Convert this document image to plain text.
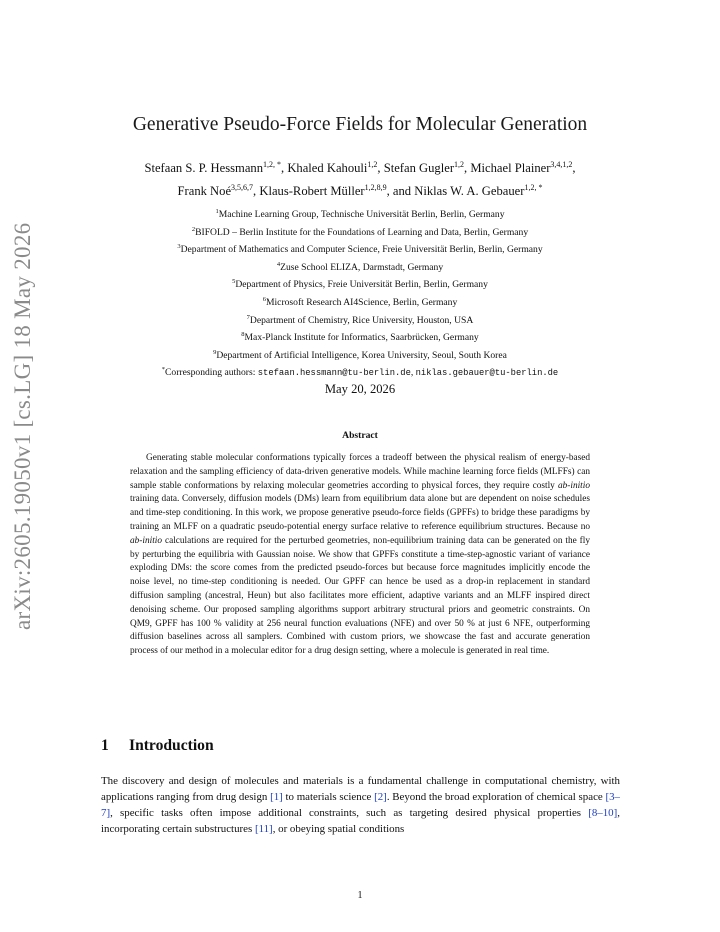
arXiv:2605.19050v1 [cs.LG] 18 May 2026
Generative Pseudo-Force Fields for Molecular Generation
Stefaan S. P. Hessmann$^{1,2, *}$, Khaled Kahouli$^{1,2}$, Stefan Gugler$^{1,2}$, Michael Plainer$^{3,4,1,2}$,
Frank Noé$^{3,5,6,7}$, Klaus-Robert Müller$^{1,2,8,9}$, and Niklas W. A. Gebauer$^{1,2, *}$
$^1$Machine Learning Group, Technische Universität Berlin, Berlin, Germany
$^2$BIFOLD – Berlin Institute for the Foundations of Learning and Data, Berlin, Germany
$^3$Department of Mathematics and Computer Science, Freie Universität Berlin, Berlin, Germany
$^4$Zuse School ELIZA, Darmstadt, Germany
$^5$Department of Physics, Freie Universität Berlin, Berlin, Germany
$^6$Microsoft Research AI4Science, Berlin, Germany
$^7$Department of Chemistry, Rice University, Houston, USA
$^8$Max-Planck Institute for Informatics, Saarbrücken, Germany
$^9$Department of Artificial Intelligence, Korea University, Seoul, South Korea
*Corresponding authors: stefaan.hessmann@tu-berlin.de, niklas.gebauer@tu-berlin.de
May 20, 2026
Abstract

Generating stable molecular conformations typically forces a tradeoff between the physical realism of energy-based relaxation and the sampling efficiency of data-driven generative models. While machine learning force fields (MLFFs) can sample stable conformations by relaxing molecular geometries according to physical forces, they require costly ab-initio training data. Conversely, diffusion models (DMs) learn from equilibrium data alone but are dependent on noise schedules and time-step conditioning. In this work, we propose generative pseudo-force fields (GPFFs) to bridge these paradigms by training an MLFF on a quadratic pseudo-potential energy surface relative to reference equilibrium structures. Because no ab-initio calculations are required for the perturbed geometries, non-equilibrium training data can be generated on the fly by perturbing the equilibria with Gaussian noise. We show that GPFFs constitute a time-step-agnostic variant of variance exploding DMs: the score comes from the predicted pseudo-forces but because force magnitudes implicitly encode the noise level, no time-step conditioning is needed. Our GPFF can hence be used as a drop-in replacement in standard diffusion sampling (ancestral, Heun) but also facilitates more efficient, adaptive variants and an MLFF inspired direct denoising scheme. Our proposed sampling algorithms support arbitrary structural priors and geometric constraints. On QM9, GPFF has 100 % validity at 256 neural function evaluations (NFE) and over 50 % at just 6 NFE, outperforming diffusion baselines across all samplers. Combined with custom priors, we showcase the fast and accurate generation process of our method in a molecular editor for a drug design setting, where a molecule is generated in real time.

1 Introduction

The discovery and design of molecules and materials is a fundamental challenge in computational chemistry, with applications ranging from drug design [1] to materials science [2]. Beyond the broad exploration of chemical space [3–7], specific tasks often impose additional constraints, such as targeting desired physical properties [8–10], incorporating certain substructures [11], or obeying spatial conditions

1
